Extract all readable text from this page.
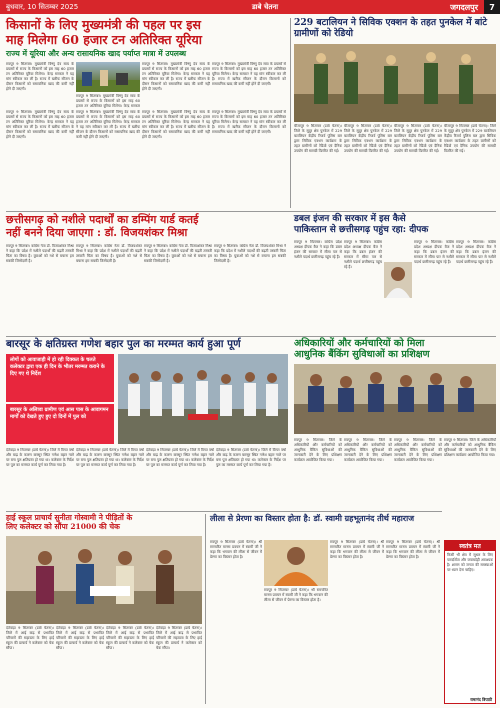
बुधवार, 10 सितम्बर 2025	डाबे चेतना	जगदलपुर	7
किसानों के लिए मुख्यमंत्री की पहल पर इस
माह मिलेगा 60 हजार टन अतिरिक्त यूरिया
राज्य में यूरिया और अन्य रासायनिक खाद पर्याप्त मात्रा में उपलब्ध
रायपुर 9 सितम्बर। मुख्यमंत्री विष्णु देव साय के प्रयासों से राज्य के किसानों को इस माह 60 हजार टन अतिरिक्त यूरिया मिलेगा। केन्द्र सरकार ने यह मांग स्वीकार कर ली है। राज्य में खरीफ सीजन के दौरान किसानों को रासायनिक खाद की कमी नहीं होने दी जाएगी।
रायपुर 9 सितम्बर। मुख्यमंत्री विष्णु देव साय के प्रयासों से राज्य के किसानों को इस माह 60 हजार टन अतिरिक्त यूरिया मिलेगा। केन्द्र सरकार
रायपुर 9 सितम्बर। मुख्यमंत्री विष्णु देव साय के प्रयासों से राज्य के किसानों को इस माह 60 हजार टन अतिरिक्त यूरिया मिलेगा। केन्द्र सरकार ने यह मांग स्वीकार कर ली है। राज्य में खरीफ सीजन के दौरान किसानों को रासायनिक खाद की कमी नहीं होने दी जाएगी।
रायपुर 9 सितम्बर। मुख्यमंत्री विष्णु देव साय के प्रयासों से राज्य के किसानों को इस माह 60 हजार टन अतिरिक्त यूरिया मिलेगा। केन्द्र सरकार ने यह मांग स्वीकार कर ली है। राज्य में खरीफ सीजन के दौरान किसानों को रासायनिक खाद की कमी नहीं होने दी जाएगी।
229 बटालियन ने सिविक एक्शन के तहत पुनकेल में बांटे ग्रामीणों को रेडियो
बीजापुर 9 सितम्बर (डाबे चेतना)। जिले के सुदूर क्षेत्र पुनकेल में 229 बटालियन केंद्रीय रिजर्व पुलिस बल द्वारा सिविक एक्शन कार्यक्रम के तहत ग्रामीणों को रेडियो एवं दैनिक उपयोग की सामग्री वितरित की गई।
बीजापुर 9 सितम्बर (डाबे चेतना)। जिले के सुदूर क्षेत्र पुनकेल में 229 बटालियन केंद्रीय रिजर्व पुलिस बल द्वारा सिविक एक्शन कार्यक्रम के तहत ग्रामीणों को रेडियो एवं दैनिक उपयोग की सामग्री वितरित की गई।
बीजापुर 9 सितम्बर (डाबे चेतना)। जिले के सुदूर क्षेत्र पुनकेल में 229 बटालियन केंद्रीय रिजर्व पुलिस बल द्वारा सिविक एक्शन कार्यक्रम के तहत ग्रामीणों को रेडियो एवं दैनिक उपयोग की सामग्री वितरित की गई।
बीजापुर 9 सितम्बर (डाबे चेतना)। जिले के सुदूर क्षेत्र पुनकेल में 229 बटालियन केंद्रीय रिजर्व पुलिस बल द्वारा सिविक एक्शन कार्यक्रम के तहत ग्रामीणों को रेडियो एवं दैनिक उपयोग की सामग्री वितरित की गई।
रायपुर 9 सितम्बर। मुख्यमंत्री विष्णु देव साय के प्रयासों से राज्य के किसानों को इस माह 60 हजार टन अतिरिक्त यूरिया मिलेगा। केन्द्र सरकार ने यह मांग स्वीकार कर ली है। राज्य में खरीफ सीजन के दौरान किसानों को रासायनिक खाद की कमी नहीं होने दी जाएगी।
रायपुर 9 सितम्बर। मुख्यमंत्री विष्णु देव साय के प्रयासों से राज्य के किसानों को इस माह 60 हजार टन अतिरिक्त यूरिया मिलेगा। केन्द्र सरकार ने यह मांग स्वीकार कर ली है। राज्य में खरीफ सीजन के दौरान किसानों को रासायनिक खाद की कमी नहीं होने दी जाएगी।
रायपुर 9 सितम्बर। मुख्यमंत्री विष्णु देव साय के प्रयासों से राज्य के किसानों को इस माह 60 हजार टन अतिरिक्त यूरिया मिलेगा। केन्द्र सरकार ने यह मांग स्वीकार कर ली है। राज्य में खरीफ सीजन के दौरान किसानों को रासायनिक खाद की कमी नहीं होने दी जाएगी।
रायपुर 9 सितम्बर। मुख्यमंत्री विष्णु देव साय के प्रयासों से राज्य के किसानों को इस माह 60 हजार टन अतिरिक्त यूरिया मिलेगा। केन्द्र सरकार ने यह मांग स्वीकार कर ली है। राज्य में खरीफ सीजन के दौरान किसानों को रासायनिक खाद की कमी नहीं होने दी जाएगी।
छत्तीसगढ़ को नशीले पदार्थों का डम्पिंग यार्ड कतई
नहीं बनने दिया जाएगा : डॉ. विजयशंकर मिश्रा
रायपुर 9 सितम्बर। कांग्रेस नेता डॉ. विजयशंकर मिश्रा ने कहा कि प्रदेश में नशीले पदार्थों की बढ़ती तस्करी चिंता का विषय है। युवाओं को नशे से बचाना हम सबकी जिम्मेदारी है।
रायपुर 9 सितम्बर। कांग्रेस नेता डॉ. विजयशंकर मिश्रा ने कहा कि प्रदेश में नशीले पदार्थों की बढ़ती तस्करी चिंता का विषय है। युवाओं को नशे से बचाना हम सबकी जिम्मेदारी है।
रायपुर 9 सितम्बर। कांग्रेस नेता डॉ. विजयशंकर मिश्रा ने कहा कि प्रदेश में नशीले पदार्थों की बढ़ती तस्करी चिंता का विषय है। युवाओं को नशे से बचाना हम सबकी जिम्मेदारी है।
रायपुर 9 सितम्बर। कांग्रेस नेता डॉ. विजयशंकर मिश्रा ने कहा कि प्रदेश में नशीले पदार्थों की बढ़ती तस्करी चिंता का विषय है। युवाओं को नशे से बचाना हम सबकी जिम्मेदारी है।
डबल इंजन की सरकार में इस कैसे
पाकिस्तान से छत्तीसगढ़ पहुंच रहा: दीपक
रायपुर 9 सितम्बर। कांग्रेस प्रदेश अध्यक्ष दीपक बैज ने कहा कि डबल इंजन की सरकार में सीमा पार से नशीले पदार्थ छत्तीसगढ़ पहुंच रहे हैं।
रायपुर 9 सितम्बर। कांग्रेस प्रदेश अध्यक्ष दीपक बैज ने कहा कि डबल इंजन की सरकार में सीमा पार से नशीले पदार्थ छत्तीसगढ़ पहुंच रहे हैं।
रायपुर 9 सितम्बर। कांग्रेस प्रदेश अध्यक्ष दीपक बैज ने कहा कि डबल इंजन की सरकार में सीमा पार से नशीले पदार्थ छत्तीसगढ़ पहुंच रहे हैं।
रायपुर 9 सितम्बर। कांग्रेस प्रदेश अध्यक्ष दीपक बैज ने कहा कि डबल इंजन की सरकार में सीमा पार से नशीले पदार्थ छत्तीसगढ़ पहुंच रहे हैं।
बारसूर के क्षतिग्रस्त गणेश बहार पुल का मरम्मत कार्य हुआ पूर्ण
लोगों को आवाजाही में हो रही दिक्कत के चलते कलेक्टर द्वारा एक ही दिन के भीतर मरम्मत कराने के दिए गए थे निर्देश
बारसूर के अलिावा ग्रामीण एवं आस पास के आवागमन मार्गों को देखते हुए हुए दो दिनों में पुल को
दंतेवाड़ा 9 सितम्बर (डाबे चेतना)। जिले में विगत वर्षा और बाढ़ के कारण बारसूर स्थित गणेश बहार नाले पर बना पुल क्षतिग्रस्त हो गया था। कलेक्टर के निर्देश पर पुल का मरम्मत कार्य पूर्ण कर लिया गया है।
दंतेवाड़ा 9 सितम्बर (डाबे चेतना)। जिले में विगत वर्षा और बाढ़ के कारण बारसूर स्थित गणेश बहार नाले पर बना पुल क्षतिग्रस्त हो गया था। कलेक्टर के निर्देश पर पुल का मरम्मत कार्य पूर्ण कर लिया गया है।
दंतेवाड़ा 9 सितम्बर (डाबे चेतना)। जिले में विगत वर्षा और बाढ़ के कारण बारसूर स्थित गणेश बहार नाले पर बना पुल क्षतिग्रस्त हो गया था। कलेक्टर के निर्देश पर पुल का मरम्मत कार्य पूर्ण कर लिया गया है।
दंतेवाड़ा 9 सितम्बर (डाबे चेतना)। जिले में विगत वर्षा और बाढ़ के कारण बारसूर स्थित गणेश बहार नाले पर बना पुल क्षतिग्रस्त हो गया था। कलेक्टर के निर्देश पर पुल का मरम्मत कार्य पूर्ण कर लिया गया है।
अधिकारियों और कर्मचारियों को मिला
आधुनिक बैंकिंग सुविधाओं का प्रशिक्षण
रायपुर 9 सितम्बर। जिले के अधिकारियों और कर्मचारियों को आधुनिक बैंकिंग सुविधाओं की जानकारी देने के लिए प्रशिक्षण कार्यक्रम आयोजित किया गया।
रायपुर 9 सितम्बर। जिले के अधिकारियों और कर्मचारियों को आधुनिक बैंकिंग सुविधाओं की जानकारी देने के लिए प्रशिक्षण कार्यक्रम आयोजित किया गया।
रायपुर 9 सितम्बर। जिले के अधिकारियों और कर्मचारियों को आधुनिक बैंकिंग सुविधाओं की जानकारी देने के लिए प्रशिक्षण कार्यक्रम आयोजित किया गया।
स्वतंत्र मत
किसी भी क्षेत्र में सुधार के लिए पारदर्शिता और जवाबदेही आवश्यक है। शासन को जनता की समस्याओं पर ध्यान देना चाहिए।
रामानंद त्रिपाठी
हाई स्कूल प्राचार्य सुनीता गोस्वामी ने पीड़ितों के
लिए कलेक्टर को सौंपा 21000 की चेक
दंतेवाड़ा 9 सितम्बर (डाबे चेतना)। जिले में आई बाढ़ से प्रभावित परिवारों की सहायता के लिए हाई स्कूल की प्राचार्य ने कलेक्टर को चेक सौंपा।
दंतेवाड़ा 9 सितम्बर (डाबे चेतना)। जिले में आई बाढ़ से प्रभावित परिवारों की सहायता के लिए हाई स्कूल की प्राचार्य ने कलेक्टर को चेक सौंपा।
दंतेवाड़ा 9 सितम्बर (डाबे चेतना)। जिले में आई बाढ़ से प्रभावित परिवारों की सहायता के लिए हाई स्कूल की प्राचार्य ने कलेक्टर को चेक सौंपा।
दंतेवाड़ा 9 सितम्बर (डाबे चेतना)। जिले में आई बाढ़ से प्रभावित परिवारों की सहायता के लिए हाई स्कूल की प्राचार्य ने कलेक्टर को चेक सौंपा।
लीला से प्रेरणा का विस्तार होता है: डॉ. स्वामी ग्रहभूतानंद तीर्थ महाराज
रायपुर 9 सितम्बर (डाबे चेतना)। श्री रामचरित मानस प्रवचन में स्वामी जी ने कहा कि भगवान की लीला से जीवन में प्रेरणा का विस्तार होता है।
रायपुर 9 सितम्बर (डाबे चेतना)। श्री रामचरित मानस प्रवचन में स्वामी जी ने कहा कि भगवान की लीला से जीवन में प्रेरणा का विस्तार होता है।
रायपुर 9 सितम्बर (डाबे चेतना)। श्री रामचरित मानस प्रवचन में स्वामी जी ने कहा कि भगवान की लीला से जीवन में प्रेरणा का विस्तार होता है।
रायपुर 9 सितम्बर (डाबे चेतना)। श्री रामचरित मानस प्रवचन में स्वामी जी ने कहा कि भगवान की लीला से जीवन में प्रेरणा का विस्तार होता है।
रायपुर 9 सितम्बर। जिले के अधिकारियों और कर्मचारियों को आधुनिक बैंकिंग सुविधाओं की जानकारी देने के लिए प्रशिक्षण कार्यक्रम आयोजित किया गया।
